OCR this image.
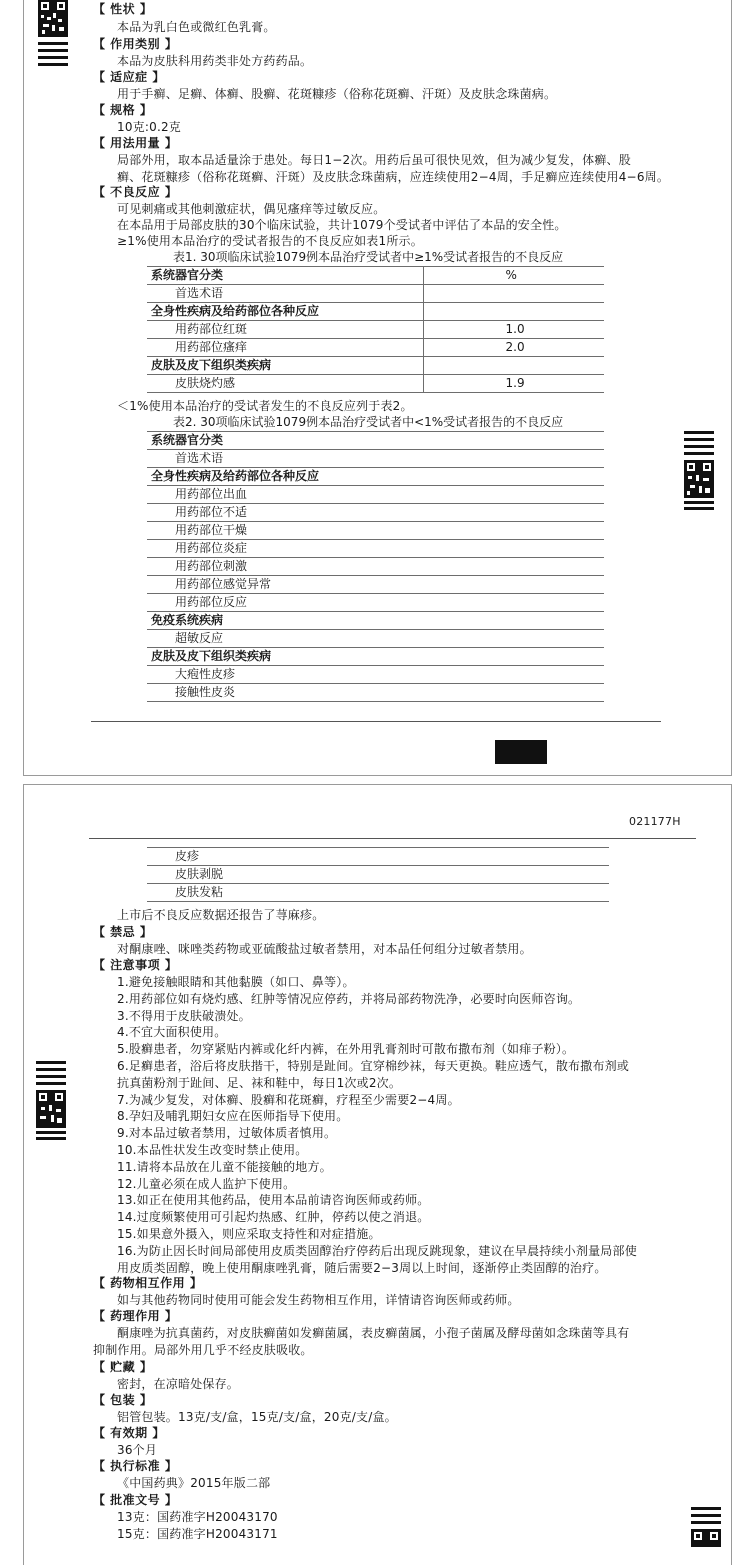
【 性状 】
本品为乳白色或微红色乳膏。
【 作用类别 】
本品为皮肤科用药类非处方药药品。
【 适应症 】
用于手癣、足癣、体癣、股癣、花斑糠疹（俗称花斑癣、汗斑）及皮肤念珠菌病。
【 规格 】
10克:0.2克
【 用法用量 】
局部外用，取本品适量涂于患处。每日1−2次。用药后虽可很快见效，但为减少复发，体癣、股
癣、花斑糠疹（俗称花斑癣、汗斑）及皮肤念珠菌病，应连续使用2−4周，手足癣应连续使用4−6周。
【 不良反应 】
可见刺痛或其他刺激症状，偶见瘙痒等过敏反应。
在本品用于局部皮肤的30个临床试验，共计1079个受试者中评估了本品的安全性。
≥1%使用本品治疗的受试者报告的不良反应如表1所示。
表1. 30项临床试验1079例本品治疗受试者中≥1%受试者报告的不良反应
系统器官分类	%
首选术语	
全身性疾病及给药部位各种反应	
用药部位红斑	1.0
用药部位瘙痒	2.0
皮肤及皮下组织类疾病	
皮肤烧灼感	1.9
＜1%使用本品治疗的受试者发生的不良反应列于表2。
表2. 30项临床试验1079例本品治疗受试者中<1%受试者报告的不良反应
系统器官分类
首选术语
全身性疾病及给药部位各种反应
用药部位出血
用药部位不适
用药部位干燥
用药部位炎症
用药部位刺激
用药部位感觉异常
用药部位反应
免疫系统疾病
超敏反应
皮肤及皮下组织类疾病
大疱性皮疹
接触性皮炎
021177H
皮疹
皮肤剥脱
皮肤发粘
上市后不良反应数据还报告了荨麻疹。
【 禁忌 】
对酮康唑、咪唑类药物或亚硫酸盐过敏者禁用，对本品任何组分过敏者禁用。
【 注意事项 】
1.避免接触眼睛和其他黏膜（如口、鼻等）。
2.用药部位如有烧灼感、红肿等情况应停药，并将局部药物洗净，必要时向医师咨询。
3.不得用于皮肤破溃处。
4.不宜大面积使用。
5.股癣患者，勿穿紧贴内裤或化纤内裤，在外用乳膏剂时可散布撒布剂（如痱子粉）。
6.足癣患者，浴后将皮肤揩干，特别是趾间。宜穿棉纱袜，每天更换。鞋应透气，散布撒布剂或
抗真菌粉剂于趾间、足、袜和鞋中，每日1次或2次。
7.为减少复发，对体癣、股癣和花斑癣，疗程至少需要2−4周。
8.孕妇及哺乳期妇女应在医师指导下使用。
9.对本品过敏者禁用，过敏体质者慎用。
10.本品性状发生改变时禁止使用。
11.请将本品放在儿童不能接触的地方。
12.儿童必须在成人监护下使用。
13.如正在使用其他药品，使用本品前请咨询医师或药师。
14.过度频繁使用可引起灼热感、红肿，停药以使之消退。
15.如果意外摄入，则应采取支持性和对症措施。
16.为防止因长时间局部使用皮质类固醇治疗停药后出现反跳现象，建议在早晨持续小剂量局部使
用皮质类固醇，晚上使用酮康唑乳膏，随后需要2−3周以上时间，逐渐停止类固醇的治疗。
【 药物相互作用 】
如与其他药物同时使用可能会发生药物相互作用，详情请咨询医师或药师。
【 药理作用 】
酮康唑为抗真菌药，对皮肤癣菌如发癣菌属，表皮癣菌属，小孢子菌属及酵母菌如念珠菌等具有
抑制作用。局部外用几乎不经皮肤吸收。
【 贮藏 】
密封，在凉暗处保存。
【 包装 】
铝管包装。13克/支/盒，15克/支/盒，20克/支/盒。
【 有效期 】
36个月
【 执行标准 】
《中国药典》2015年版二部
【 批准文号 】
13克：国药准字H20043170
15克：国药准字H20043171
